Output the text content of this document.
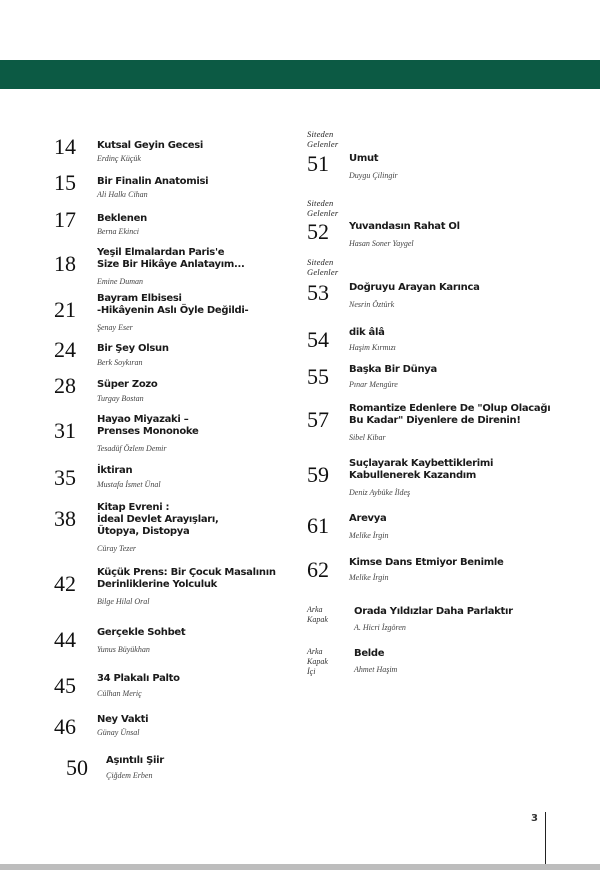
14 Kutsal Geyin Gecesi
Erdinç Küçük
15 Bir Finalin Anatomisi
Ali Halkı Cihan
17 Beklenen
Berna Ekinci
18 Yeşil Elmalardan Paris'e
Size Bir Hikâye Anlatayım...
Emine Duman
21 Bayram Elbisesi
-Hikâyenin Aslı Öyle Değildi-
Şenay Eser
24 Bir Şey Olsun
Berk Soykıran
28 Süper Zozo
Turgay Bostan
31 Hayao Miyazaki –
Prenses Mononoke
Tesadüf Özlem Demir
35 İktiran
Mustafa İsmet Ünal
38 Kitap Evreni :
İdeal Devlet Arayışları,
Ütopya, Distopya
Cüray Tezer
42 Küçük Prens: Bir Çocuk Masalının
Derinliklerine Yolculuk
Bilge Hilal Oral
44 Gerçekle Sohbet
Yunus Büyükhan
45 34 Plakalı Palto
Cülhan Meriç
46 Ney Vakti
Günay Ünsal
50 Aşıntılı Şiir
Çiğdem Erben
Siteden Gelenler
51 Umut
Duygu Çilingir
Siteden Gelenler
52 Yuvandasın Rahat Ol
Hasan Soner Yaygel
Siteden Gelenler
53 Doğruyu Arayan Karınca
Nesrin Öztürk
54 dik âlâ
Haşim Kırmızı
55 Başka Bir Dünya
Pınar Mengüre
57 Romantize Edenlere De "Olup Olacağı
Bu Kadar" Diyenlere de Direnin!
Sibel Kibar
59 Suçlayarak Kaybettiklerimi
Kabullenerek Kazandım
Deniz Aybüke İldeş
61 Arevya
Melike İrgin
62 Kimse Dans Etmiyor Benimle
Melike İrgin
Arka
Kapak
Orada Yıldızlar Daha Parlaktır
A. Hicri İzgören
Arka
Kapak İçi
Belde
Ahmet Haşim
3
